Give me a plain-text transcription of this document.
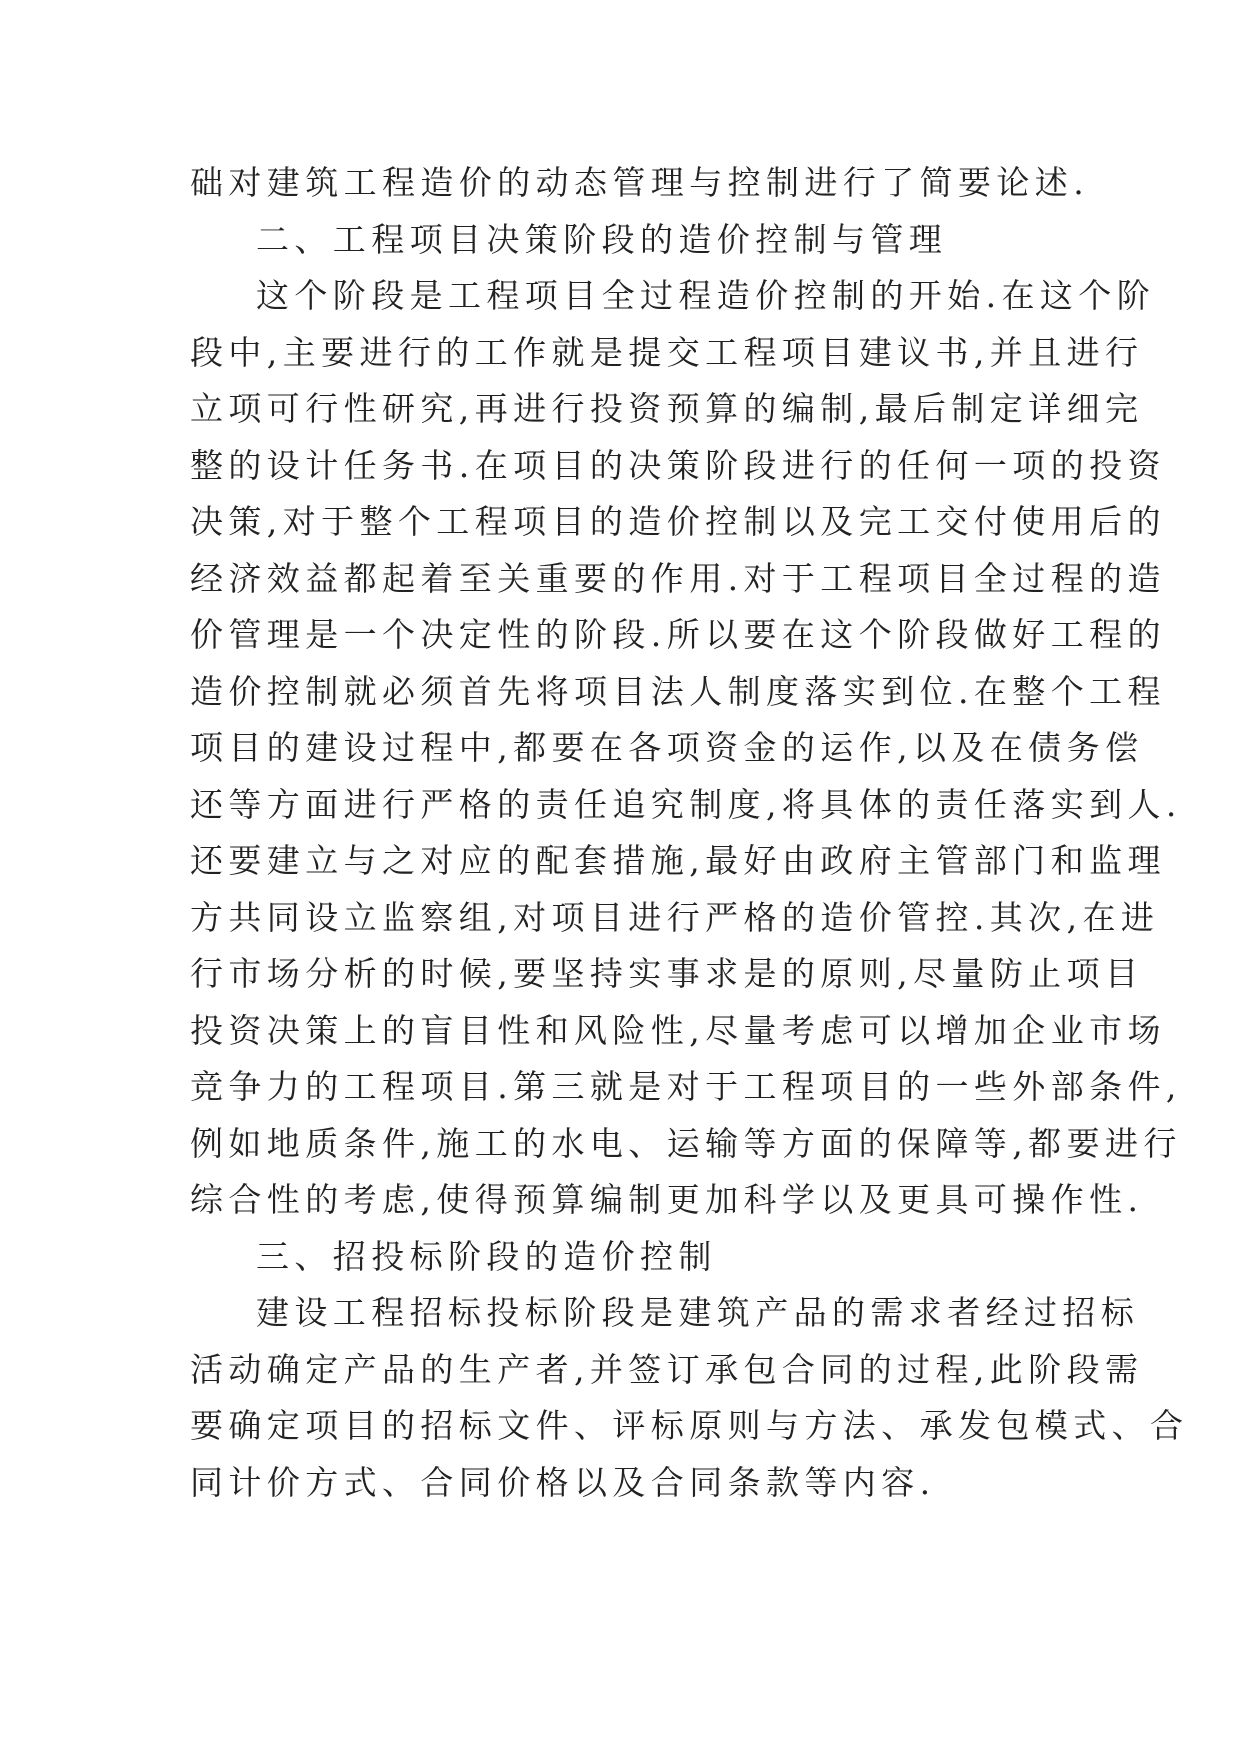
础对建筑工程造价的动态管理与控制进行了简要论述.
二、工程项目决策阶段的造价控制与管理
这个阶段是工程项目全过程造价控制的开始.在这个阶
段中,主要进行的工作就是提交工程项目建议书,并且进行
立项可行性研究,再进行投资预算的编制,最后制定详细完
整的设计任务书.在项目的决策阶段进行的任何一项的投资
决策,对于整个工程项目的造价控制以及完工交付使用后的
经济效益都起着至关重要的作用.对于工程项目全过程的造
价管理是一个决定性的阶段.所以要在这个阶段做好工程的
造价控制就必须首先将项目法人制度落实到位.在整个工程
项目的建设过程中,都要在各项资金的运作,以及在债务偿
还等方面进行严格的责任追究制度,将具体的责任落实到人.
还要建立与之对应的配套措施,最好由政府主管部门和监理
方共同设立监察组,对项目进行严格的造价管控.其次,在进
行市场分析的时候,要坚持实事求是的原则,尽量防止项目
投资决策上的盲目性和风险性,尽量考虑可以增加企业市场
竞争力的工程项目.第三就是对于工程项目的一些外部条件,
例如地质条件,施工的水电、运输等方面的保障等,都要进行
综合性的考虑,使得预算编制更加科学以及更具可操作性.
三、招投标阶段的造价控制
建设工程招标投标阶段是建筑产品的需求者经过招标
活动确定产品的生产者,并签订承包合同的过程,此阶段需
要确定项目的招标文件、评标原则与方法、承发包模式、合
同计价方式、合同价格以及合同条款等内容.
